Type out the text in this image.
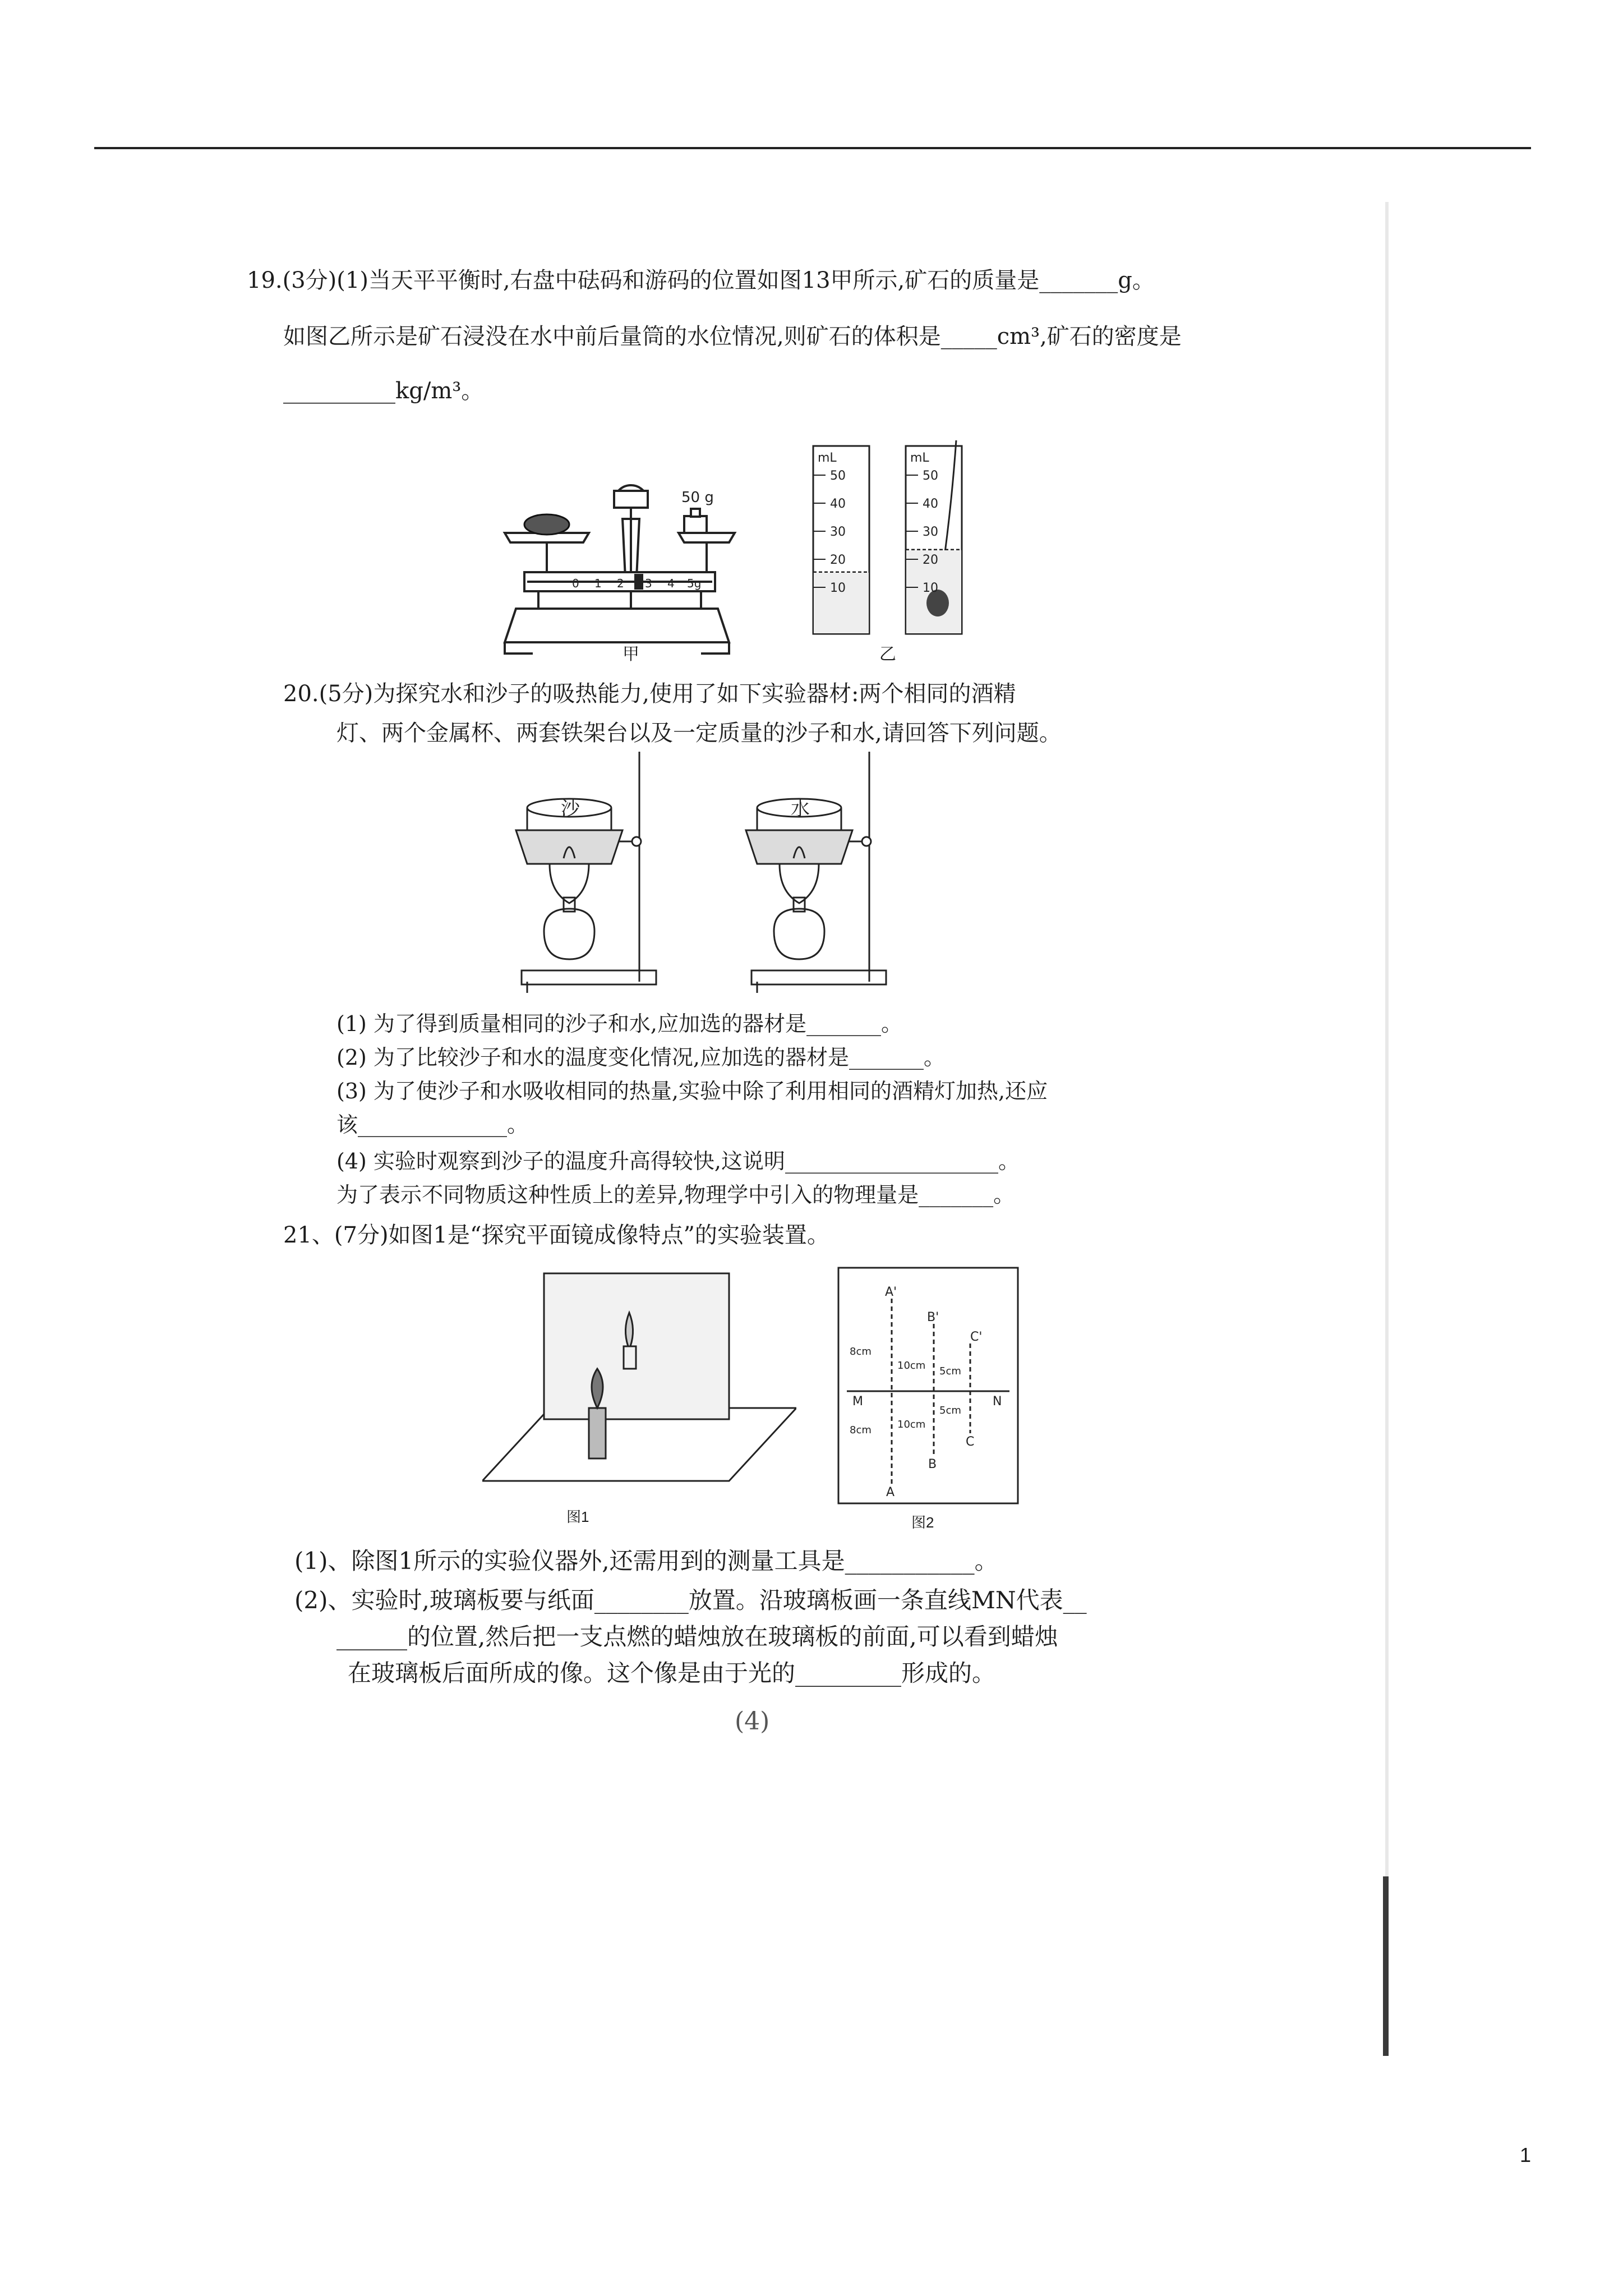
19.(3分)(1)当天平平衡时,右盘中砝码和游码的位置如图13甲所示,矿石的质量是_______g。
如图乙所示是矿石浸没在水中前后量筒的水位情况,则矿石的体积是_____cm³,矿石的密度是
__________kg/m³。
50 g
0 1 2 3 4 5g
甲
mL	mL
50
40
30
20
10
50
40
30
20
10
乙
20.(5分)为探究水和沙子的吸热能力,使用了如下实验器材:两个相同的酒精
灯、两个金属杯、两套铁架台以及一定质量的沙子和水,请回答下列问题。
沙	水
(1) 为了得到质量相同的沙子和水,应加选的器材是_______。
(2) 为了比较沙子和水的温度变化情况,应加选的器材是_______。
(3) 为了使沙子和水吸收相同的热量,实验中除了利用相同的酒精灯加热,还应
该______________。
(4) 实验时观察到沙子的温度升高得较快,这说明____________________。
为了表示不同物质这种性质上的差异,物理学中引入的物理量是_______。
21、(7分)如图1是“探究平面镜成像特点”的实验装置。
图1
A'
B'
C'
M	N
A
B
C
8cm
10cm 5cm
8cm	10cm
5cm
图2
(1)、除图1所示的实验仪器外,还需用到的测量工具是___________。
(2)、实验时,玻璃板要与纸面________放置。沿玻璃板画一条直线MN代表__
______的位置,然后把一支点燃的蜡烛放在玻璃板的前面,可以看到蜡烛
在玻璃板后面所成的像。这个像是由于光的_________形成的。
(4)
1
